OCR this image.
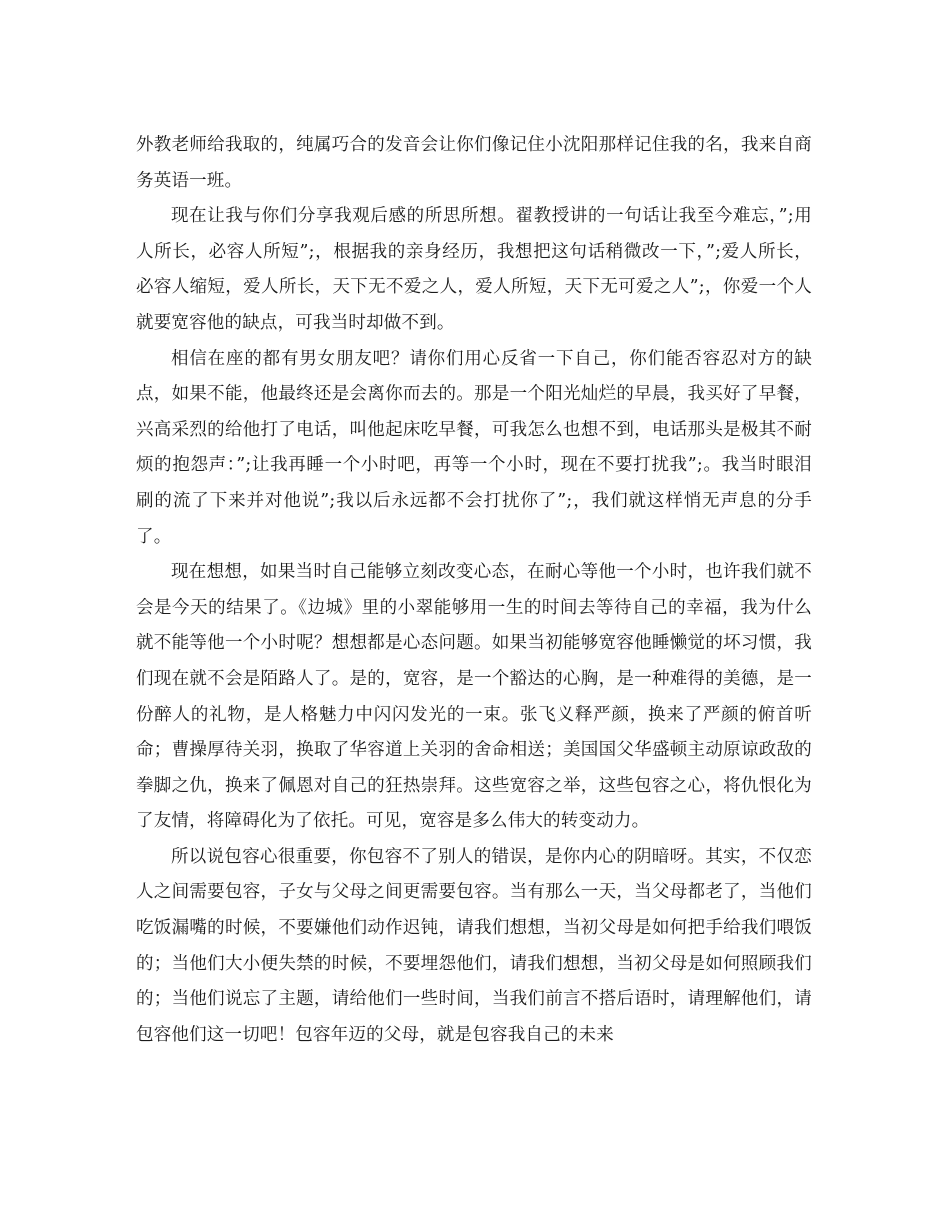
外教老师给我取的，纯属巧合的发音会让你们像记住小沈阳那样记住我的名，我来自商务英语一班。

现在让我与你们分享我观后感的所思所想。翟教授讲的一句话让我至今难忘，”;用人所长，必容人所短”;，根据我的亲身经历，我想把这句话稍微改一下，”;爱人所长，必容人缩短，爱人所长，天下无不爱之人，爱人所短，天下无可爱之人”;，你爱一个人就要宽容他的缺点，可我当时却做不到。

相信在座的都有男女朋友吧？请你们用心反省一下自己，你们能否容忍对方的缺点，如果不能，他最终还是会离你而去的。那是一个阳光灿烂的早晨，我买好了早餐，兴高采烈的给他打了电话，叫他起床吃早餐，可我怎么也想不到，电话那头是极其不耐烦的抱怨声：”;让我再睡一个小时吧，再等一个小时，现在不要打扰我”;。我当时眼泪刷的流了下来并对他说”;我以后永远都不会打扰你了”;，我们就这样悄无声息的分手了。

现在想想，如果当时自己能够立刻改变心态，在耐心等他一个小时，也许我们就不会是今天的结果了。《边城》里的小翠能够用一生的时间去等待自己的幸福，我为什么就不能等他一个小时呢？想想都是心态问题。如果当初能够宽容他睡懒觉的坏习惯，我们现在就不会是陌路人了。是的，宽容，是一个豁达的心胸，是一种难得的美德，是一份醉人的礼物，是人格魅力中闪闪发光的一束。张飞义释严颜，换来了严颜的俯首听命；曹操厚待关羽，换取了华容道上关羽的舍命相送；美国国父华盛顿主动原谅政敌的拳脚之仇，换来了佩恩对自己的狂热崇拜。这些宽容之举，这些包容之心，将仇恨化为了友情，将障碍化为了依托。可见，宽容是多么伟大的转变动力。

所以说包容心很重要，你包容不了别人的错误，是你内心的阴暗呀。其实，不仅恋人之间需要包容，子女与父母之间更需要包容。当有那么一天，当父母都老了，当他们吃饭漏嘴的时候，不要嫌他们动作迟钝，请我们想想，当初父母是如何把手给我们喂饭的；当他们大小便失禁的时候，不要埋怨他们，请我们想想，当初父母是如何照顾我们的；当他们说忘了主题，请给他们一些时间，当我们前言不搭后语时，请理解他们，请包容他们这一切吧！包容年迈的父母，就是包容我自己的未来
